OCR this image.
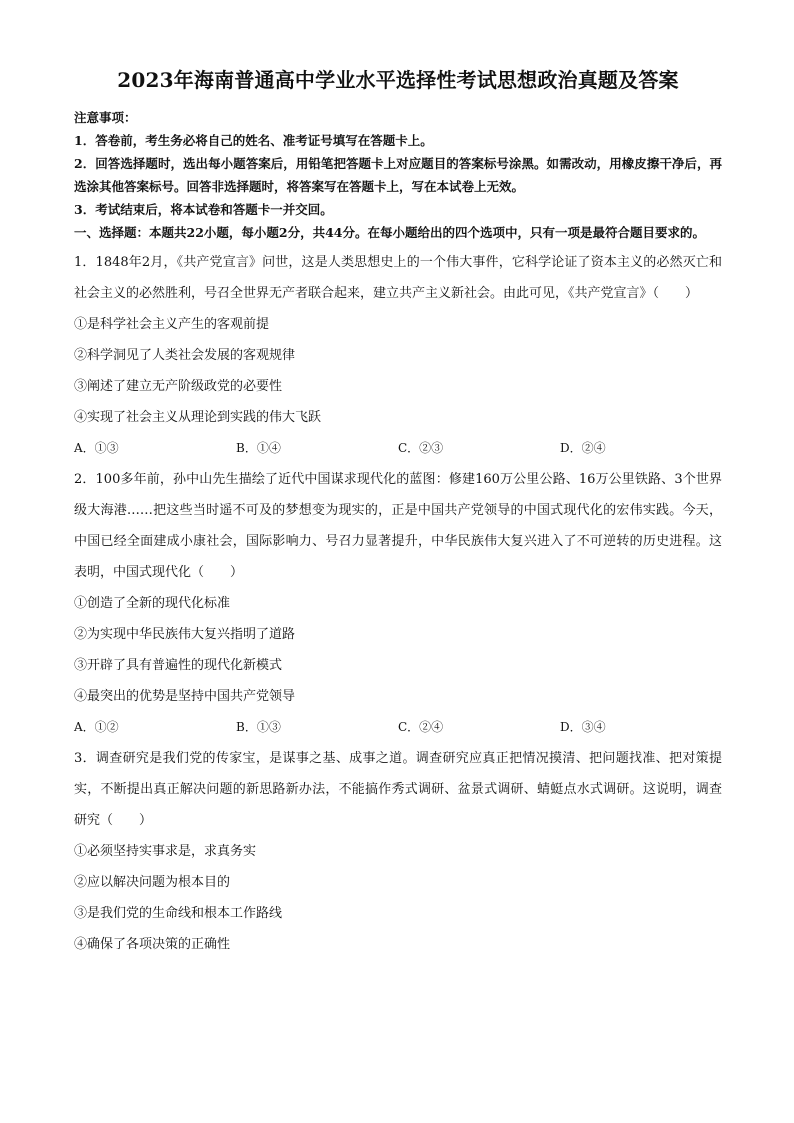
2023年海南普通高中学业水平选择性考试思想政治真题及答案
注意事项：
1．答卷前，考生务必将自己的姓名、准考证号填写在答题卡上。
2．回答选择题时，选出每小题答案后，用铅笔把答题卡上对应题目的答案标号涂黑。如需改动，用橡皮擦干净后，再选涂其他答案标号。回答非选择题时，将答案写在答题卡上，写在本试卷上无效。
3．考试结束后，将本试卷和答题卡一并交回。
一、选择题：本题共22小题，每小题2分，共44分。在每小题给出的四个选项中，只有一项是最符合题目要求的。
1．1848年2月，《共产党宣言》问世，这是人类思想史上的一个伟大事件，它科学论证了资本主义的必然灭亡和社会主义的必然胜利，号召全世界无产者联合起来，建立共产主义新社会。由此可见，《共产党宣言》（　　）
①是科学社会主义产生的客观前提
②科学洞见了人类社会发展的客观规律
③阐述了建立无产阶级政党的必要性
④实现了社会主义从理论到实践的伟大飞跃
A．①③	B．①④	C．②③	D．②④
2．100多年前，孙中山先生描绘了近代中国谋求现代化的蓝图：修建160万公里公路、16万公里铁路、3个世界级大海港……把这些当时遥不可及的梦想变为现实的，正是中国共产党领导的中国式现代化的宏伟实践。今天，中国已经全面建成小康社会，国际影响力、号召力显著提升，中华民族伟大复兴进入了不可逆转的历史进程。这表明，中国式现代化（　　）
①创造了全新的现代化标准
②为实现中华民族伟大复兴指明了道路
③开辟了具有普遍性的现代化新模式
④最突出的优势是坚持中国共产党领导
A．①②	B．①③	C．②④	D．③④
3．调查研究是我们党的传家宝，是谋事之基、成事之道。调查研究应真正把情况摸清、把问题找准、把对策提实，不断提出真正解决问题的新思路新办法，不能搞作秀式调研、盆景式调研、蜻蜓点水式调研。这说明，调查研究（　　）
①必须坚持实事求是，求真务实
②应以解决问题为根本目的
③是我们党的生命线和根本工作路线
④确保了各项决策的正确性
